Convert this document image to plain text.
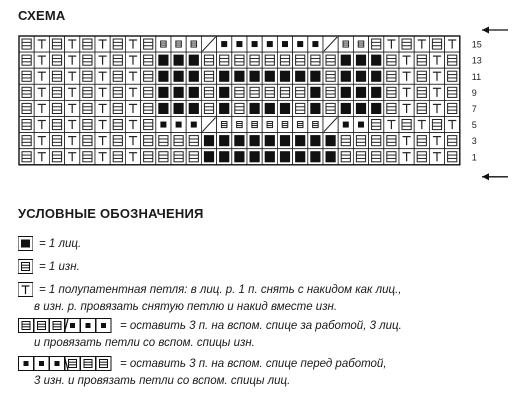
СХЕМА
15
13
11
9
7
5
3
1
УСЛОВНЫЕ ОБОЗНАЧЕНИЯ
= 1 лиц.
= 1 изн.
= 1 полупатентная петля: в лиц. р. 1 п. снять с накидом как лиц.,
в изн. р. провязать снятую петлю и накид вместе изн.
= оставить 3 п. на вспом. спице за работой, 3 лиц.
и провязать петли со вспом. спицы изн.
= оставить 3 п. на вспом. спице перед работой,
3 изн. и провязать петли со вспом. спицы лиц.
